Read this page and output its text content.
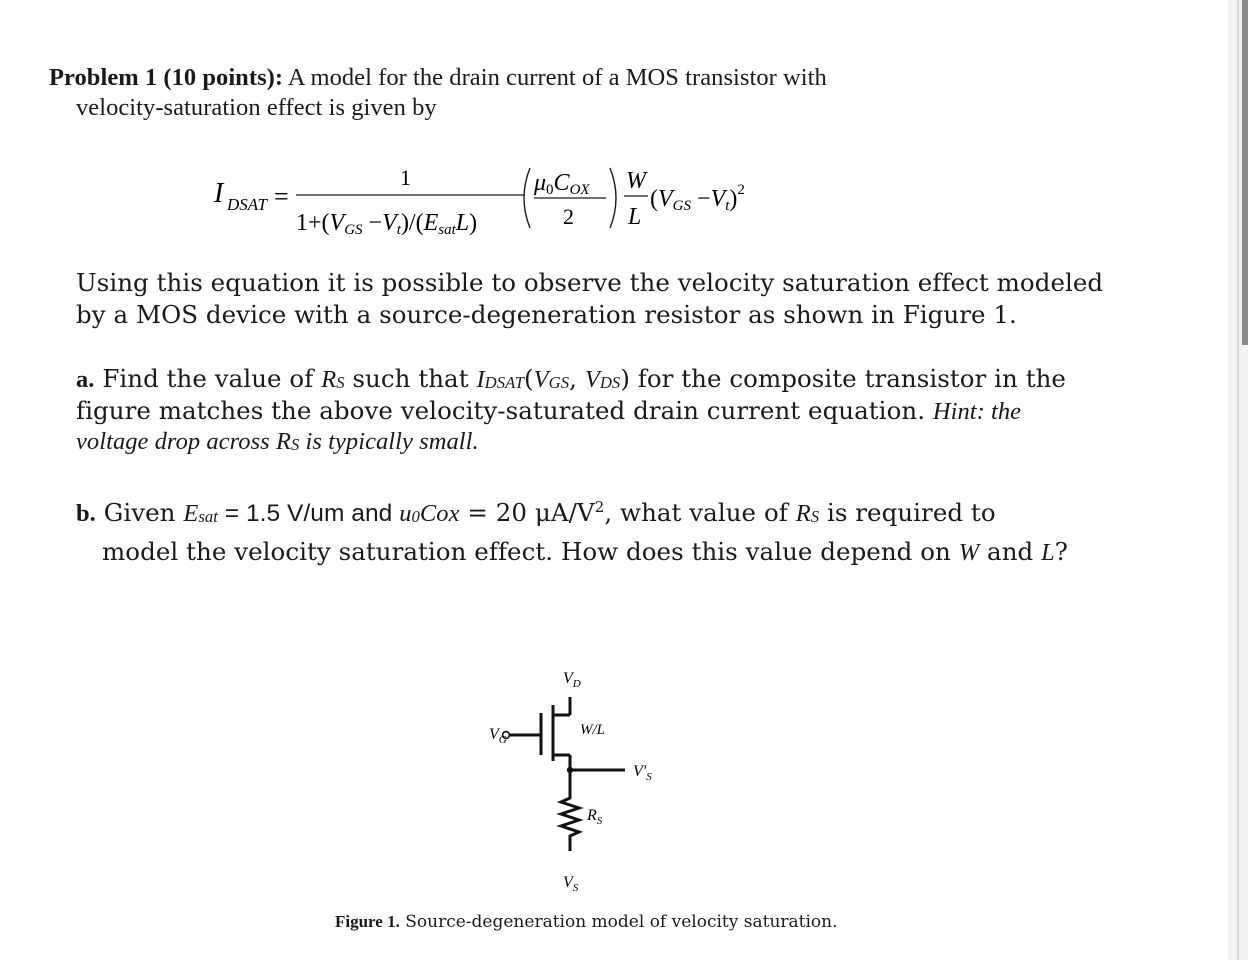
Problem 1 (10 points): A model for the drain current of a MOS transistor with
velocity-saturation effect is given by
I DSAT =
1
1+(VGS −Vt)/(EsatL)
μ0COX
2
W
L
(VGS −Vt)$^2$
Using this equation it is possible to observe the velocity saturation effect modeled
by a MOS device with a source-degeneration resistor as shown in Figure 1.
a. Find the value of RS such that IDSAT(VGS, VDS) for the composite transistor in the
figure matches the above velocity-saturated drain current equation. Hint: the
voltage drop across RS is typically small.
b. Given Esat = 1.5 V/um and u0Cox = 20 $\mu A/V^2$, what value of RS is required to
model the velocity saturation effect. How does this value depend on W and L?
$V_D$
$V_G$
W/L
$V'_S$
$R_S$
$V_S$
Figure 1. Source-degeneration model of velocity saturation.
